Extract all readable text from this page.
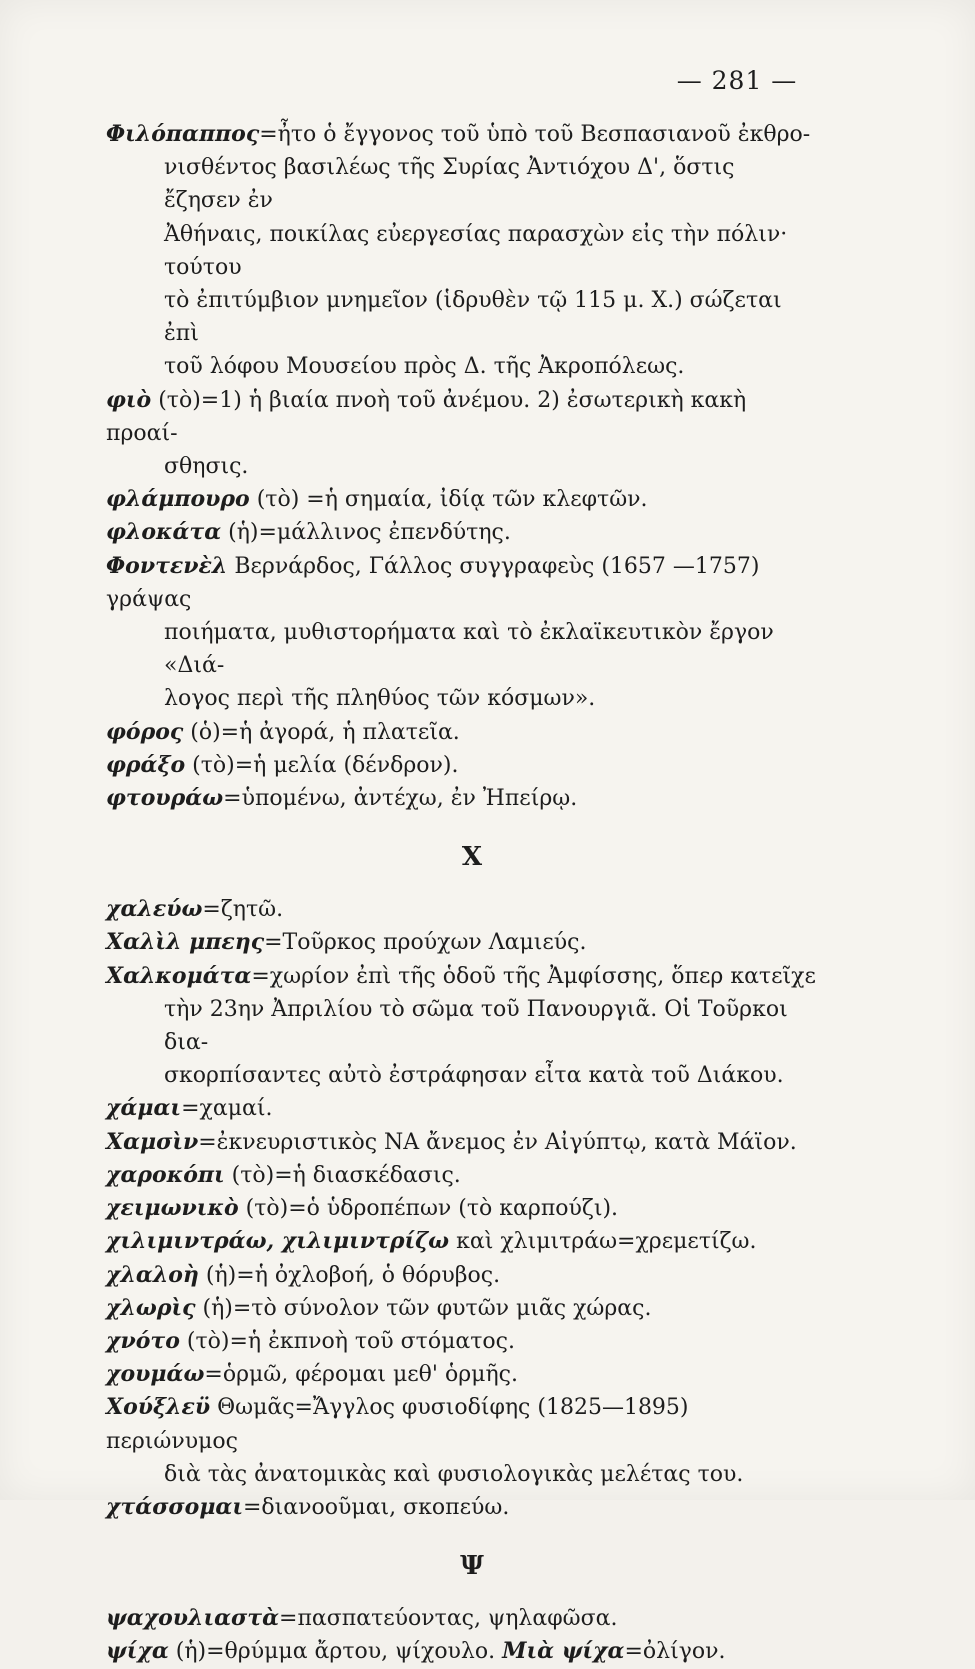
— 281 —
Φιλόπαππος=ἦτο ὁ ἔγγονος τοῦ ὑπὸ τοῦ Βεσπασιανοῦ ἐκθρο-
νισθέντος βασιλέως τῆς Συρίας Ἀντιόχου Δ', ὅστις ἔζησεν ἐν
Ἀθήναις, ποικίλας εὐεργεσίας παρασχὼν εἰς τὴν πόλιν· τούτου
τὸ ἐπιτύμβιον μνημεῖον (ἱδρυθὲν τῷ 115 μ. Χ.) σώζεται ἐπὶ
τοῦ λόφου Μουσείου πρὸς Δ. τῆς Ἀκροπόλεως.
φιὸ (τὸ)=1) ἡ βιαία πνοὴ τοῦ ἀνέμου. 2) ἐσωτερικὴ κακὴ προαί-
σθησις.
φλάμπουρο (τὸ) =ἡ σημαία, ἰδίᾳ τῶν κλεφτῶν.
φλοκάτα (ἡ)=μάλλινος ἐπενδύτης.
Φοντενὲλ Βερνάρδος, Γάλλος συγγραφεὺς (1657 —1757) γράψας
ποιήματα, μυθιστορήματα καὶ τὸ ἐκλαϊκευτικὸν ἔργον «Διά-
λογος περὶ τῆς πληθύος τῶν κόσμων».
φόρος (ὁ)=ἡ ἀγορά, ἡ πλατεῖα.
φράξο (τὸ)=ἡ μελία (δένδρον).
φτουράω=ὑπομένω, ἀντέχω, ἐν Ἠπείρῳ.
Χ
χαλεύω=ζητῶ.
Χαλὶλ μπεης=Τοῦρκος προύχων Λαμιεύς.
Χαλκομάτα=χωρίον ἐπὶ τῆς ὁδοῦ τῆς Ἀμφίσσης, ὅπερ κατεῖχε
τὴν 23ην Ἀπριλίου τὸ σῶμα τοῦ Πανουργιᾶ. Οἱ Τοῦρκοι δια-
σκορπίσαντες αὐτὸ ἐστράφησαν εἶτα κατὰ τοῦ Διάκου.
χάμαι=χαμαί.
Χαμσὶν=ἐκνευριστικὸς ΝΑ ἄνεμος ἐν Αἰγύπτῳ, κατὰ Μάϊον.
χαροκόπι (τὸ)=ἡ διασκέδασις.
χειμωνικὸ (τὸ)=ὁ ὑδροπέπων (τὸ καρπούζι).
χιλιμιντράω, χιλιμιντρίζω καὶ χλιμιτράω=χρεμετίζω.
χλαλοὴ (ἡ)=ἡ ὀχλοβοή, ὁ θόρυβος.
χλωρὶς (ἡ)=τὸ σύνολον τῶν φυτῶν μιᾶς χώρας.
χνότο (τὸ)=ἡ ἐκπνοὴ τοῦ στόματος.
χουμάω=ὁρμῶ, φέρομαι μεθ' ὁρμῆς.
Χούξλεϋ Θωμᾶς=Ἄγγλος φυσιοδίφης (1825—1895) περιώνυμος
διὰ τὰς ἀνατομικὰς καὶ φυσιολογικὰς μελέτας του.
χτάσσομαι=διανοοῦμαι, σκοπεύω.
Ψ
ψαχουλιαστὰ=πασπατεύοντας, ψηλαφῶσα.
ψίχα (ἡ)=θρύμμα ἄρτου, ψίχουλο. Μιὰ ψίχα=ὀλίγον.
